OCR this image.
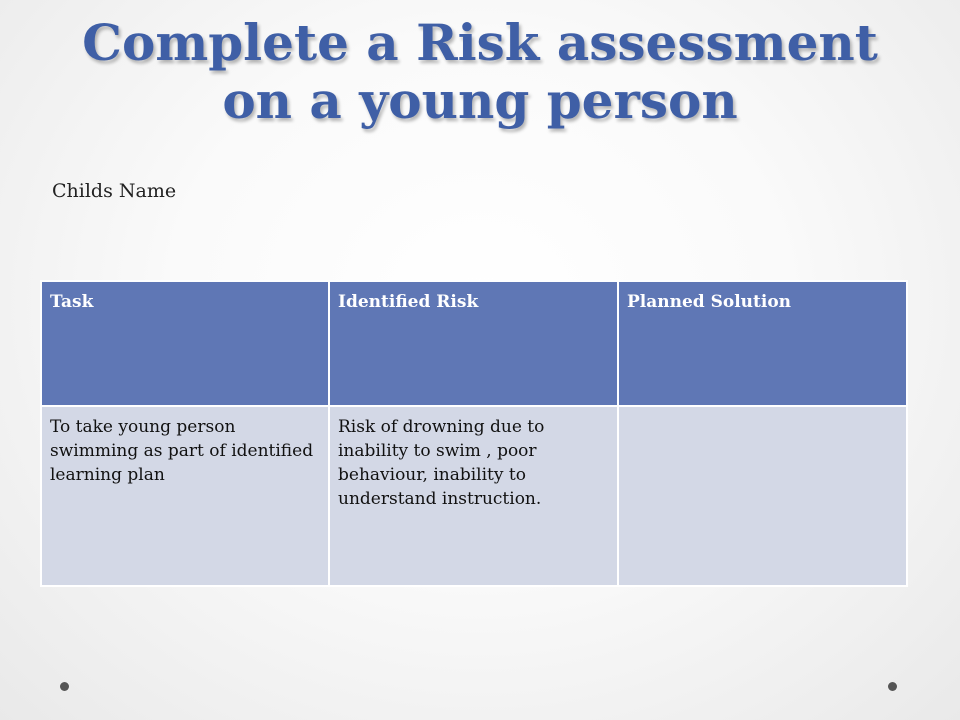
Complete a Risk assessment
on a young person
Childs Name
Task	Identified Risk	Planned Solution
To take young person swimming as part of identified learning plan	Risk of drowning due to inability to swim , poor behaviour, inability to understand instruction.	
